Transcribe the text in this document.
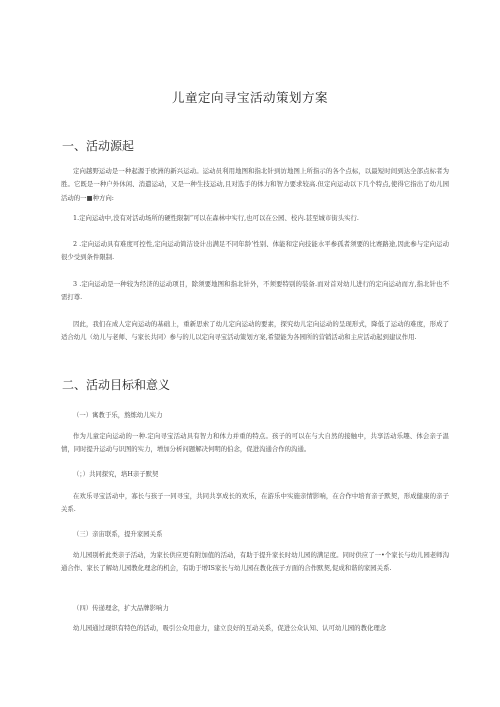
儿童定向寻宝活动策划方案
一、活动源起
定向越野运动是一种起源于欧洲的新兴运动。运动员利用地图和指北针到访地图上所指示的各个点标，以最短时间到达全部点标者为胜。它既是一种户外休闲、消遣运动，又是一种生技运动,且对选手的体力和智力要求较高.但定向运动以下几个特点,使得它指出了幼儿园活动的一■种方向:
1.定向运动中,没有对活动场所的硬性限制“可以在森林中实行,也可以在公园、校内.甚至城市街头实行.
2 .定向运动具有难度可控性,定向运动简洁设计出满足不同年龄’性别、体能和定向技能水平参孤者须要的比赛路途,因此参与定向运动很少受到条件限制.
3 .定向运动是一种较为经济的运动项目，除须要地图和指北针外，不须要特别的装备.而对首对幼儿进行的定向运动而方,指北针也不需打尊.
因此，我们在成人定向运动的基础上，重新思索了幼儿定向运动的要素，探究幼儿定向运动的呈现形式，降低了运动的难度，形成了适合幼儿（幼儿与老师、与家长共同）参与的儿以定向寻宝活动策划方案,希望能为各园所的营销活动和主应活动起到建议作用.
二、活动目标和意义
（一）寓教于乐，熬炼幼儿实力
作为儿童定向运动的一种.定向寻宝活动具有智力和体力并重的特点。孩子的可以在与大自然的接触中，共享活动乐趣、体会亲子温情，同时提升运动与识图的实力，增加分析问题解决何明的伯念，促进沟通合作的沟通。
（；）共同探究，培H亲子默契
在欢乐寻宝活动中，寡长与孩子一同寻宝，共同共享成长的欢乐，在游乐中实施亲情影响，在合作中培育亲子默契，形成健康的亲子关系.
（三）亲宙联系，提升家园关系
幼儿园别析此类亲子活动，为家长供应更有附加值的活动，有助于提升家长时幼儿园的满足度。同时供应了一•个家长与幼儿园老师沟通合作、家长了解幼儿园教化理念的机会，有助于增IS家长与幼儿园在教化孩子方面的合作默契,促成和谐的家园关系.
（四）传递理念，扩大品牌影响力
幼儿园通过现织有特色的活动，吸引公众用意力，建立良好的互动关系，促进公众认知、认可幼儿园的教化理念
